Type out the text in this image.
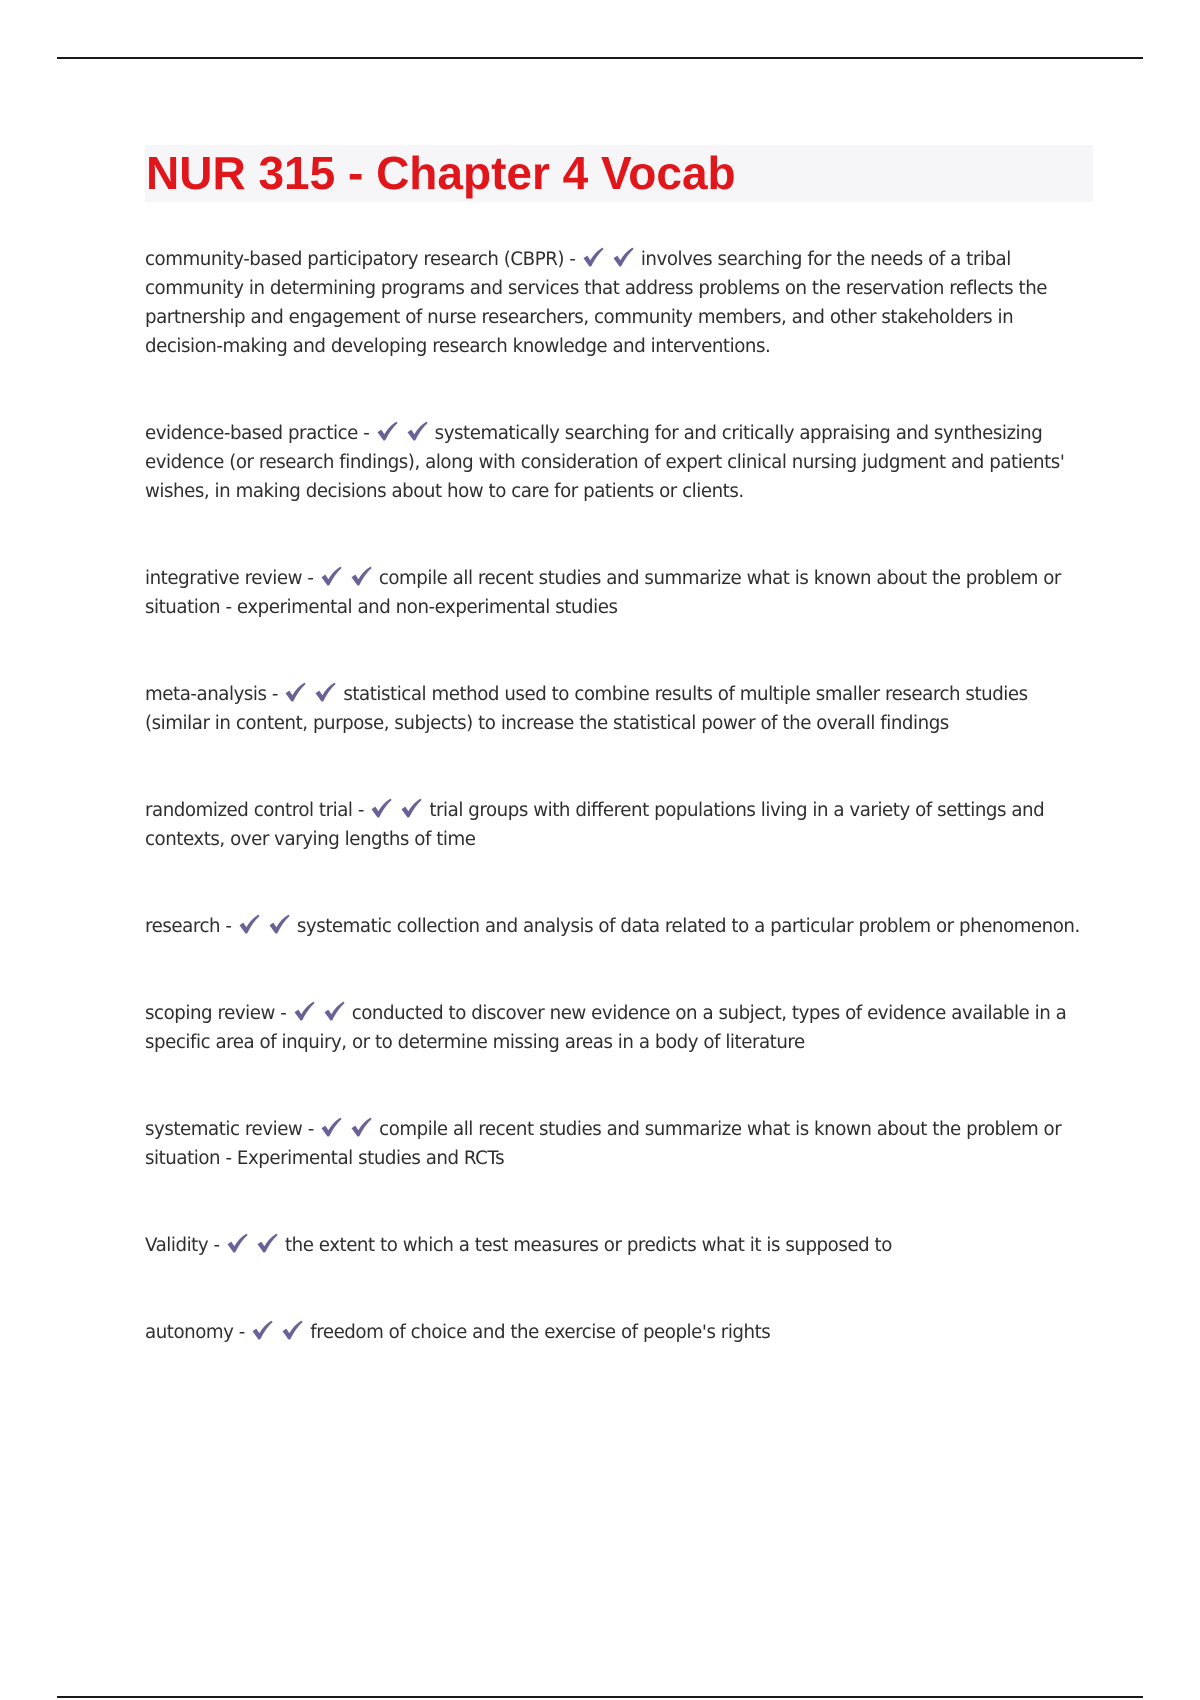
NUR 315 - Chapter 4 Vocab

community-based participatory research (CBPR) -	involves searching for the needs of a tribal community in determining programs and services that address problems on the reservation reflects the partnership and engagement of nurse researchers, community members, and other stakeholders in decision-making and developing research knowledge and interventions.

evidence-based practice -	systematically searching for and critically appraising and synthesizing evidence (or research findings), along with consideration of expert clinical nursing judgment and patients' wishes, in making decisions about how to care for patients or clients.

integrative review -	compile all recent studies and summarize what is known about the problem or situation - experimental and non-experimental studies

meta-analysis -	statistical method used to combine results of multiple smaller research studies (similar in content, purpose, subjects) to increase the statistical power of the overall findings

randomized control trial -	trial groups with different populations living in a variety of settings and contexts, over varying lengths of time

research -	systematic collection and analysis of data related to a particular problem or phenomenon.

scoping review -	conducted to discover new evidence on a subject, types of evidence available in a specific area of inquiry, or to determine missing areas in a body of literature

systematic review -	compile all recent studies and summarize what is known about the problem or situation - Experimental studies and RCTs

Validity -	the extent to which a test measures or predicts what it is supposed to

autonomy -	freedom of choice and the exercise of people's rights
